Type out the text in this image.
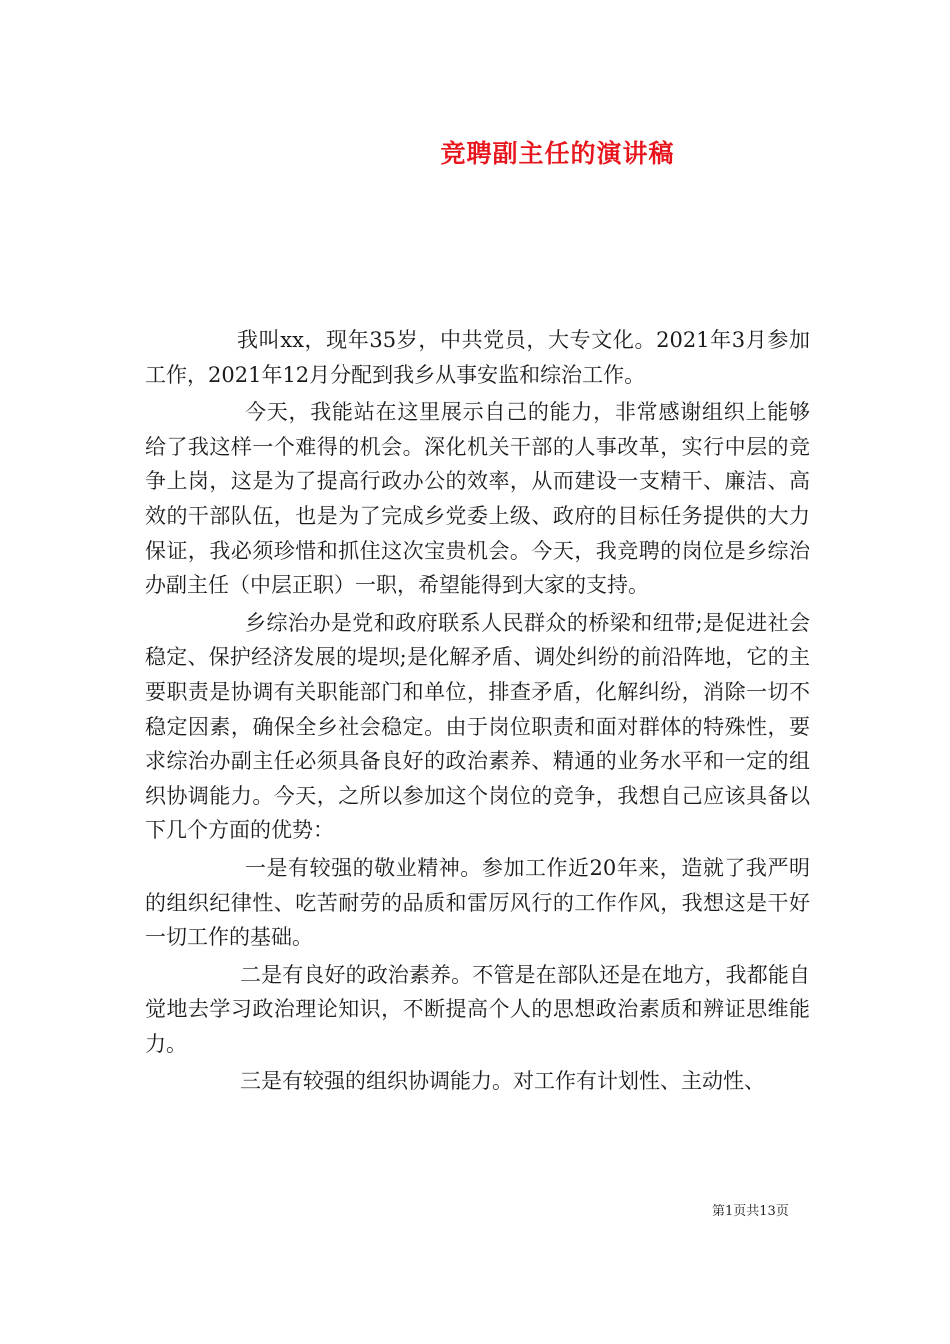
竞聘副主任的演讲稿

我叫xx，现年35岁，中共党员，大专文化。2021年3月参加工作，2021年12月分配到我乡从事安监和综治工作。

今天，我能站在这里展示自己的能力，非常感谢组织上能够给了我这样一个难得的机会。深化机关干部的人事改革，实行中层的竞争上岗，这是为了提高行政办公的效率，从而建设一支精干、廉洁、高效的干部队伍，也是为了完成乡党委上级、政府的目标任务提供的大力保证，我必须珍惜和抓住这次宝贵机会。今天，我竞聘的岗位是乡综治办副主任（中层正职）一职，希望能得到大家的支持。

乡综治办是党和政府联系人民群众的桥梁和纽带;是促进社会稳定、保护经济发展的堤坝;是化解矛盾、调处纠纷的前沿阵地，它的主要职责是协调有关职能部门和单位，排查矛盾，化解纠纷，消除一切不稳定因素，确保全乡社会稳定。由于岗位职责和面对群体的特殊性，要求综治办副主任必须具备良好的政治素养、精通的业务水平和一定的组织协调能力。今天，之所以参加这个岗位的竞争，我想自己应该具备以下几个方面的优势：

一是有较强的敬业精神。参加工作近20年来，造就了我严明的组织纪律性、吃苦耐劳的品质和雷厉风行的工作作风，我想这是干好一切工作的基础。

二是有良好的政治素养。不管是在部队还是在地方，我都能自觉地去学习政治理论知识，不断提高个人的思想政治素质和辨证思维能力。

三是有较强的组织协调能力。对工作有计划性、主动性、

第1页共13页
